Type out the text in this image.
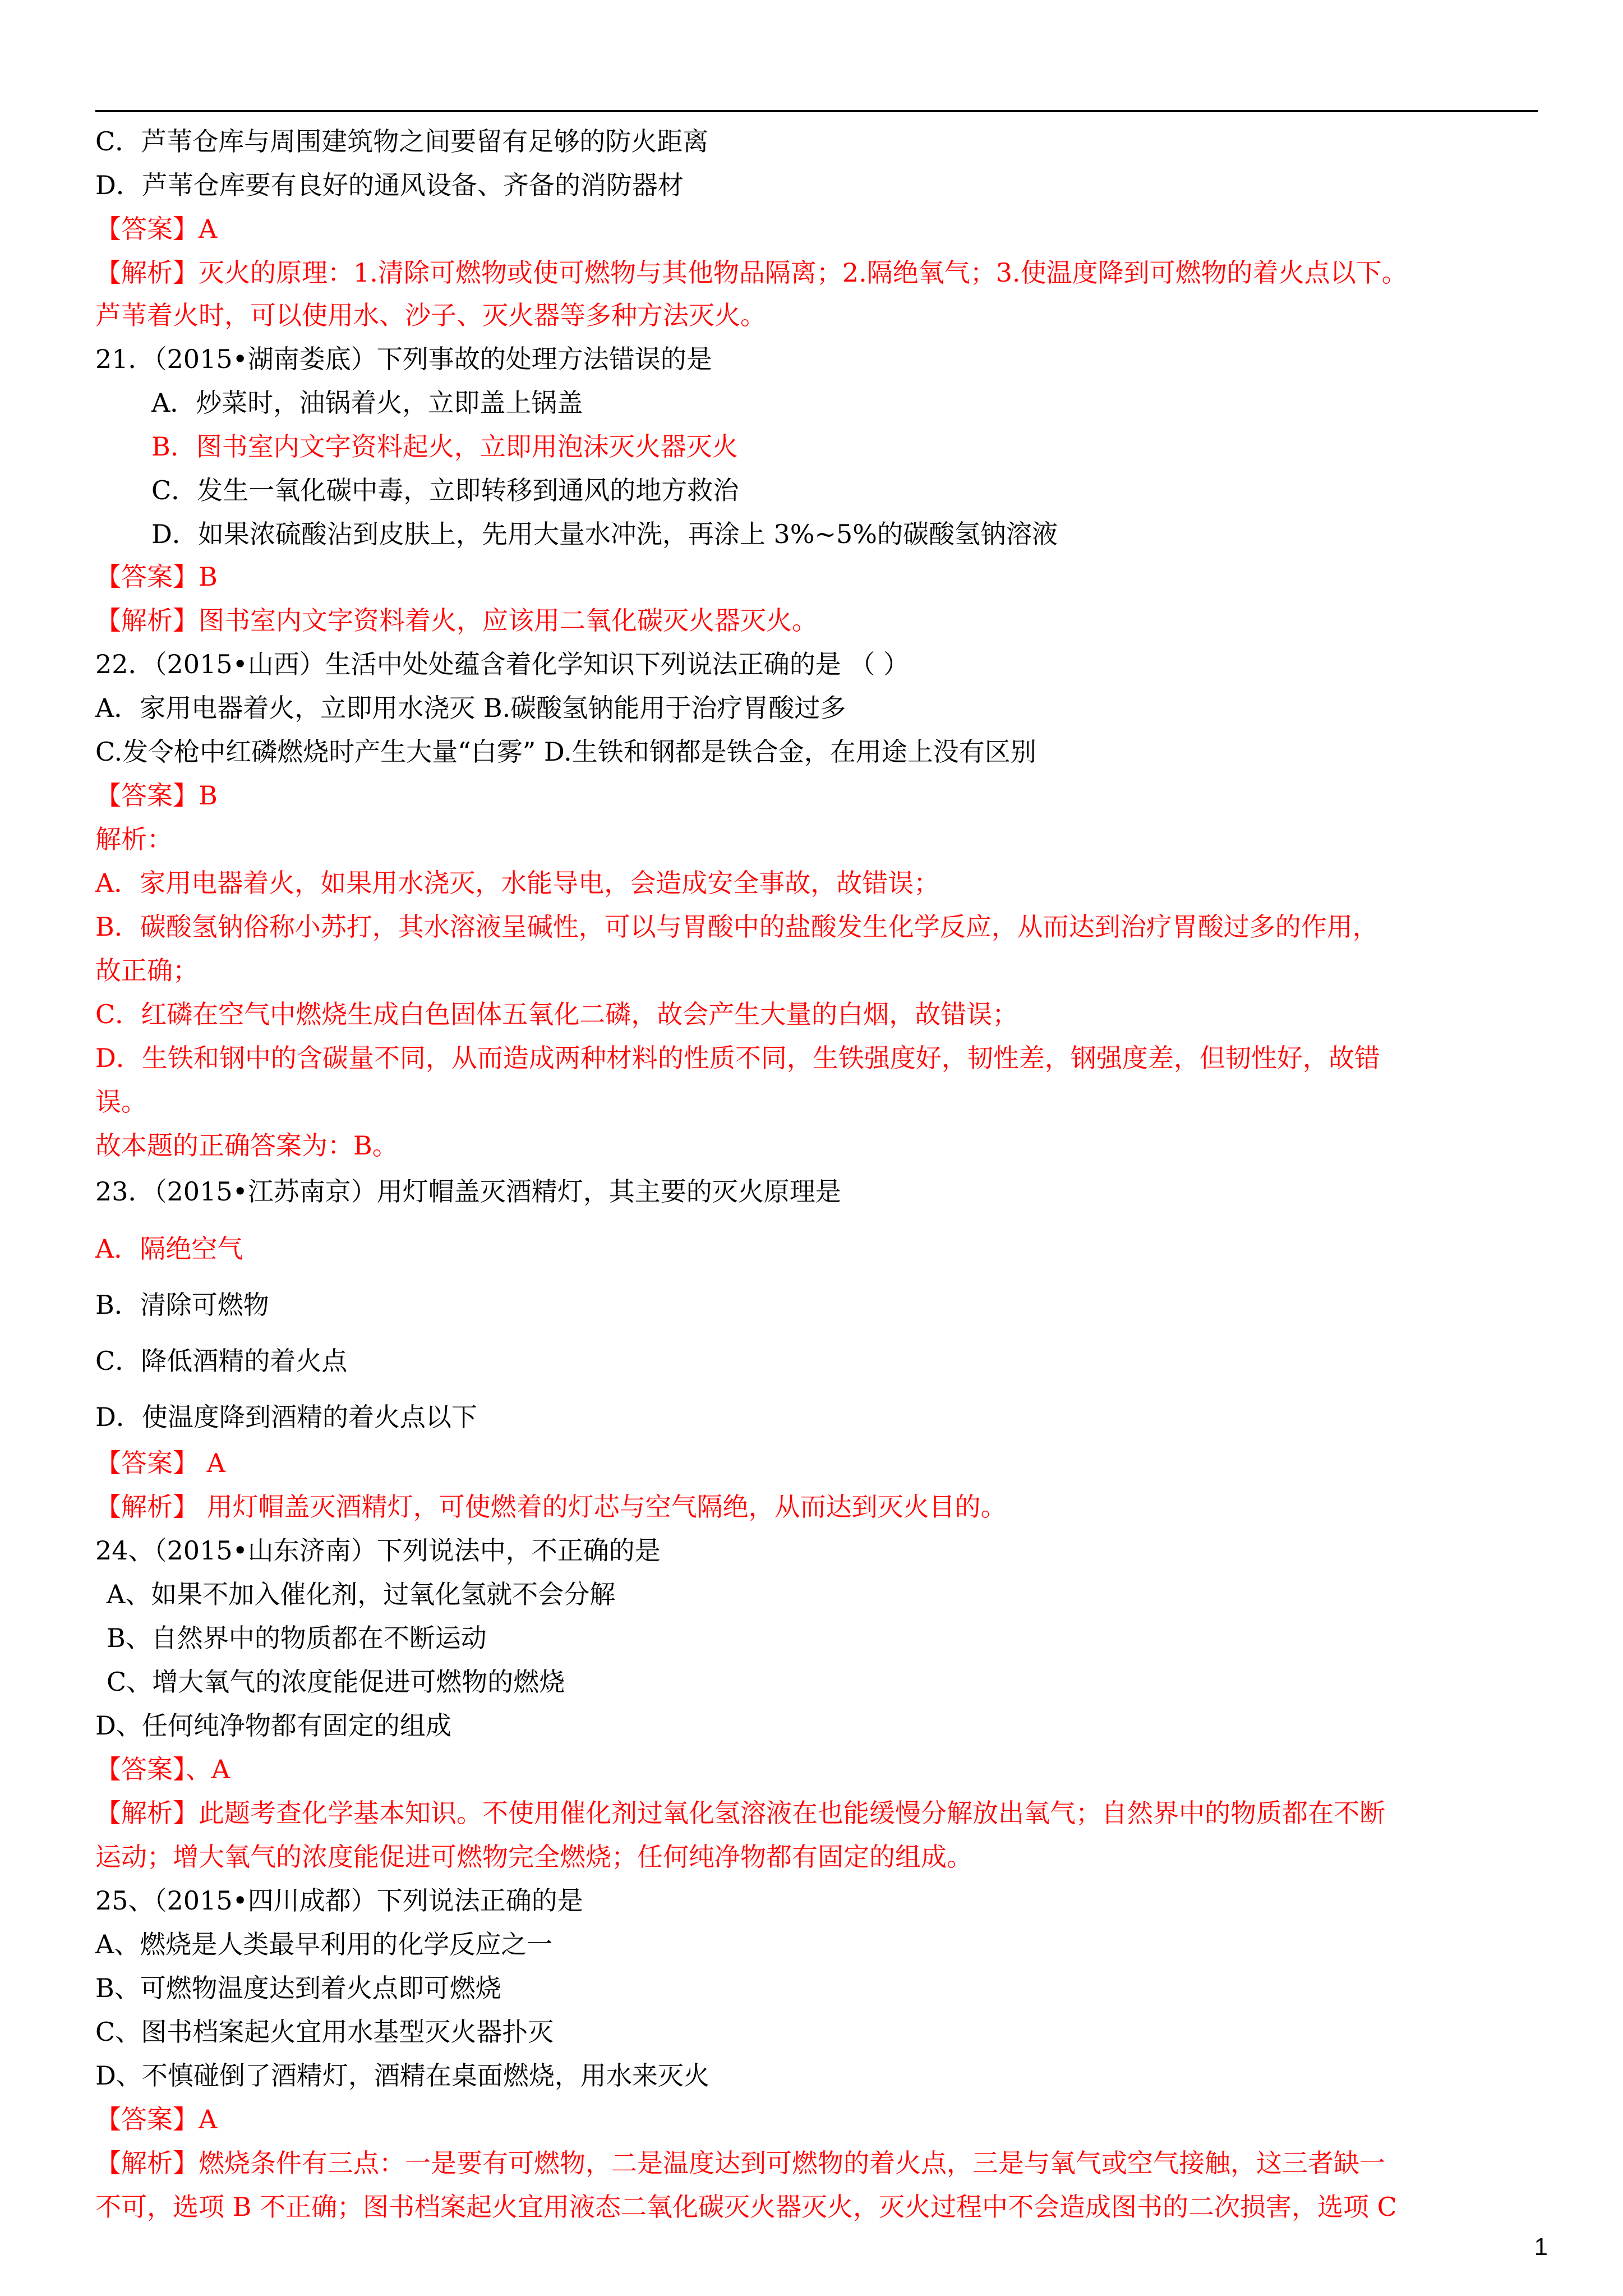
C．芦苇仓库与周围建筑物之间要留有足够的防火距离
D．芦苇仓库要有良好的通风设备、齐备的消防器材
【答案】A
【解析】灭火的原理：1.清除可燃物或使可燃物与其他物品隔离；2.隔绝氧气；3.使温度降到可燃物的着火点以下。
芦苇着火时，可以使用水、沙子、灭火器等多种方法灭火。
21．（2015•湖南娄底）下列事故的处理方法错误的是
A．炒菜时，油锅着火，立即盖上锅盖
B．图书室内文字资料起火，立即用泡沫灭火器灭火
C．发生一氧化碳中毒，立即转移到通风的地方救治
D．如果浓硫酸沾到皮肤上，先用大量水冲洗，再涂上 3%~5%的碳酸氢钠溶液
【答案】B
【解析】图书室内文字资料着火，应该用二氧化碳灭火器灭火。
22．（2015•山西）生活中处处蕴含着化学知识下列说法正确的是 （ ）
A．家用电器着火，立即用水浇灭 B.碳酸氢钠能用于治疗胃酸过多
C.发令枪中红磷燃烧时产生大量“白雾” D.生铁和钢都是铁合金，在用途上没有区别
【答案】B
解析：
A．家用电器着火，如果用水浇灭，水能导电，会造成安全事故，故错误；
B．碳酸氢钠俗称小苏打，其水溶液呈碱性，可以与胃酸中的盐酸发生化学反应，从而达到治疗胃酸过多的作用，
故正确；
C．红磷在空气中燃烧生成白色固体五氧化二磷，故会产生大量的白烟，故错误；
D．生铁和钢中的含碳量不同，从而造成两种材料的性质不同，生铁强度好，韧性差，钢强度差，但韧性好，故错
误。
故本题的正确答案为：B。
23．（2015•江苏南京）用灯帽盖灭酒精灯，其主要的灭火原理是
A．隔绝空气
B．清除可燃物
C．降低酒精的着火点
D．使温度降到酒精的着火点以下
【答案】 A
【解析】 用灯帽盖灭酒精灯，可使燃着的灯芯与空气隔绝，从而达到灭火目的。
24、（2015•山东济南）下列说法中，不正确的是
A、如果不加入催化剂，过氧化氢就不会分解
B、自然界中的物质都在不断运动
C、增大氧气的浓度能促进可燃物的燃烧
D、任何纯净物都有固定的组成
【答案】、A
【解析】此题考查化学基本知识。不使用催化剂过氧化氢溶液在也能缓慢分解放出氧气；自然界中的物质都在不断
运动；增大氧气的浓度能促进可燃物完全燃烧；任何纯净物都有固定的组成。
25、（2015•四川成都）下列说法正确的是
A、燃烧是人类最早利用的化学反应之一
B、可燃物温度达到着火点即可燃烧
C、图书档案起火宜用水基型灭火器扑灭
D、不慎碰倒了酒精灯，酒精在桌面燃烧，用水来灭火
【答案】A
【解析】燃烧条件有三点：一是要有可燃物，二是温度达到可燃物的着火点，三是与氧气或空气接触，这三者缺一
不可，选项 B 不正确；图书档案起火宜用液态二氧化碳灭火器灭火，灭火过程中不会造成图书的二次损害，选项 C
1
